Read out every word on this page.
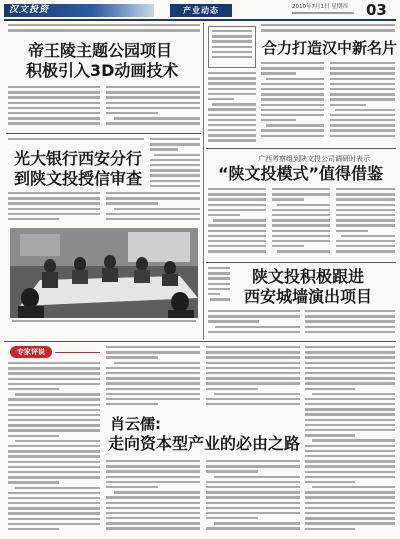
汉文投资	产业动态	2010年7月1日 星期四 03
帝王陵主题公园项目
积极引入3D动画技术
合力打造汉中新名片
光大银行西安分行
到陕文投授信审查
广西考察组到陕文投公司调研时表示
“陕文投模式”值得借鉴
陕文投积极跟进
西安城墙演出项目
专家评说
肖云儒:
走向资本型产业的必由之路
